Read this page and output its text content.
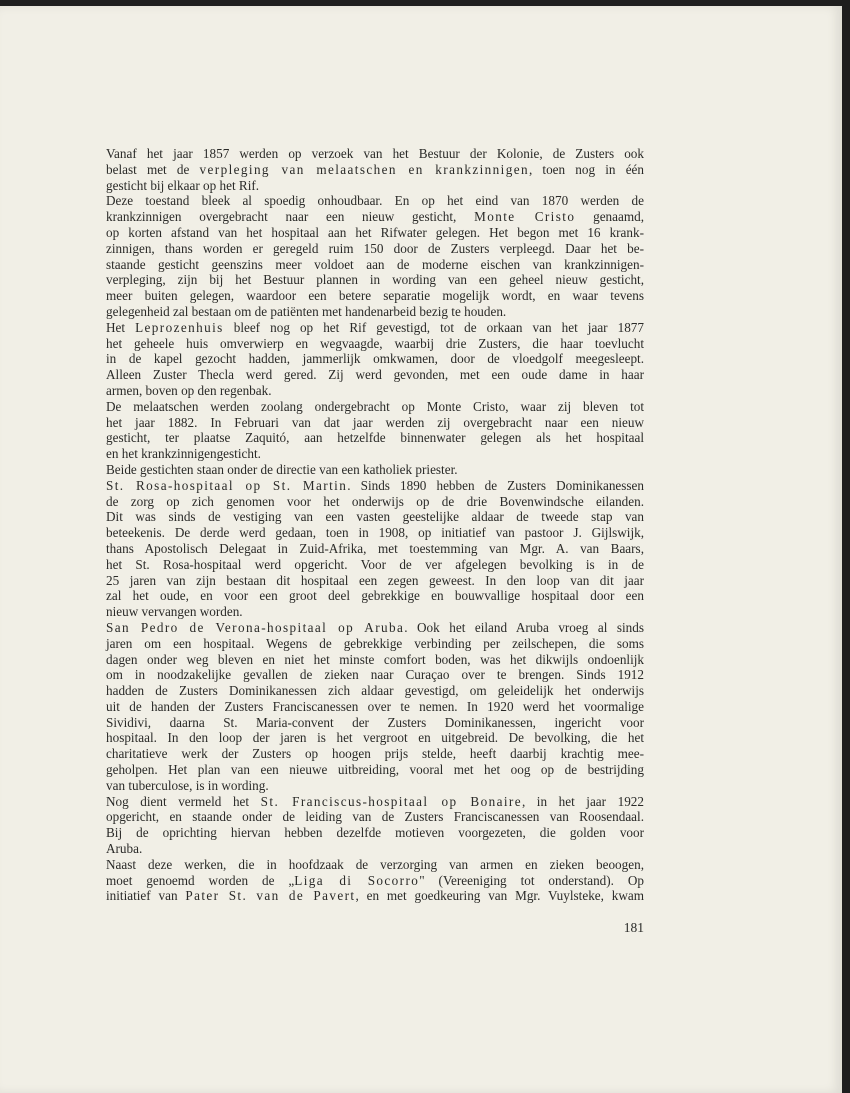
Vanaf het jaar 1857 werden op verzoek van het Bestuur der Kolonie, de Zusters ook
belast met de verpleging van melaatschen en krankzinnigen, toen nog in één
gesticht bij elkaar op het Rif.
Deze toestand bleek al spoedig onhoudbaar. En op het eind van 1870 werden de
krankzinnigen overgebracht naar een nieuw gesticht, Monte Cristo genaamd,
op korten afstand van het hospitaal aan het Rifwater gelegen. Het begon met 16 krank-
zinnigen, thans worden er geregeld ruim 150 door de Zusters verpleegd. Daar het be-
staande gesticht geenszins meer voldoet aan de moderne eischen van krankzinnigen-
verpleging, zijn bij het Bestuur plannen in wording van een geheel nieuw gesticht,
meer buiten gelegen, waardoor een betere separatie mogelijk wordt, en waar tevens
gelegenheid zal bestaan om de patiënten met handenarbeid bezig te houden.
Het Leprozenhuis bleef nog op het Rif gevestigd, tot de orkaan van het jaar 1877
het geheele huis omverwierp en wegvaagde, waarbij drie Zusters, die haar toevlucht
in de kapel gezocht hadden, jammerlijk omkwamen, door de vloedgolf meegesleept.
Alleen Zuster Thecla werd gered. Zij werd gevonden, met een oude dame in haar
armen, boven op den regenbak.
De melaatschen werden zoolang ondergebracht op Monte Cristo, waar zij bleven tot
het jaar 1882. In Februari van dat jaar werden zij overgebracht naar een nieuw
gesticht, ter plaatse Zaquitó, aan hetzelfde binnenwater gelegen als het hospitaal
en het krankzinnigengesticht.
Beide gestichten staan onder de directie van een katholiek priester.
St. Rosa-hospitaal op St. Martin. Sinds 1890 hebben de Zusters Dominikanessen
de zorg op zich genomen voor het onderwijs op de drie Bovenwindsche eilanden.
Dit was sinds de vestiging van een vasten geestelijke aldaar de tweede stap van
beteekenis. De derde werd gedaan, toen in 1908, op initiatief van pastoor J. Gijlswijk,
thans Apostolisch Delegaat in Zuid-Afrika, met toestemming van Mgr. A. van Baars,
het St. Rosa-hospitaal werd opgericht. Voor de ver afgelegen bevolking is in de
25 jaren van zijn bestaan dit hospitaal een zegen geweest. In den loop van dit jaar
zal het oude, en voor een groot deel gebrekkige en bouwvallige hospitaal door een
nieuw vervangen worden.
San Pedro de Verona-hospitaal op Aruba. Ook het eiland Aruba vroeg al sinds
jaren om een hospitaal. Wegens de gebrekkige verbinding per zeilschepen, die soms
dagen onder weg bleven en niet het minste comfort boden, was het dikwijls ondoenlijk
om in noodzakelijke gevallen de zieken naar Curaçao over te brengen. Sinds 1912
hadden de Zusters Dominikanessen zich aldaar gevestigd, om geleidelijk het onderwijs
uit de handen der Zusters Franciscanessen over te nemen. In 1920 werd het voormalige
Sividivi, daarna St. Maria-convent der Zusters Dominikanessen, ingericht voor
hospitaal. In den loop der jaren is het vergroot en uitgebreid. De bevolking, die het
charitatieve werk der Zusters op hoogen prijs stelde, heeft daarbij krachtig mee-
geholpen. Het plan van een nieuwe uitbreiding, vooral met het oog op de bestrijding
van tuberculose, is in wording.
Nog dient vermeld het St. Franciscus-hospitaal op Bonaire, in het jaar 1922
opgericht, en staande onder de leiding van de Zusters Franciscanessen van Roosendaal.
Bij de oprichting hiervan hebben dezelfde motieven voorgezeten, die golden voor
Aruba.
Naast deze werken, die in hoofdzaak de verzorging van armen en zieken beoogen,
moet genoemd worden de „Liga di Socorro" (Vereeniging tot onderstand). Op
initiatief van Pater St. van de Pavert, en met goedkeuring van Mgr. Vuylsteke, kwam
181
